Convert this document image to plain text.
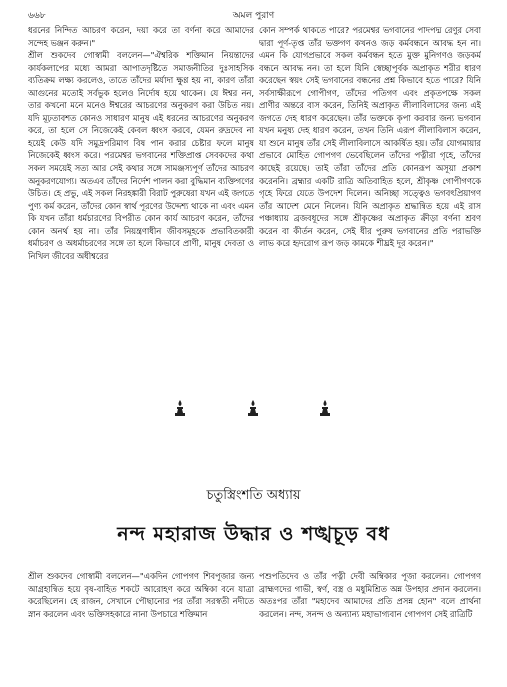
৬৬৮	অমল পুরাণ

ধরনের নিন্দিত আচরণ করেন, দয়া করে তা বর্ণনা করে আমাদের সন্দেহ ভঞ্জন করুন।"

শ্রীল শুকদেব গোস্বামী বললেন—"ঐশ্বরিক শক্তিমান নিয়ন্তাদের কার্যকলাপের মধ্যে আমরা আপাতদৃষ্টিতে সমাজনীতির দুঃসাহসিক ব্যতিক্রম লক্ষ্য করলেও, তাতে তাঁদের মর্যাদা ক্ষুণ্ণ হয় না, কারণ তাঁরা আগুনের মতোই সর্বভুক হলেও নির্দোষ হয়ে থাকেন। যে ঈশ্বর নন, তার কখনো মনে মনেও ঈশ্বরের আচরণের অনুকরণ করা উচিত নয়। যদি মূঢ়তাবশত কোনও সাধারণ মানুষ এই ধরনের আচরণের অনুকরণ করে, তা হলে সে নিজেকেই কেবল ধ্বংস করবে, যেমন রুদ্রদেব না হয়েই কেউ যদি সমুদ্রপরিমাণ বিষ পান করার চেষ্টার ফলে মানুষ নিজেকেই ধ্বংস করে। পরমেশ্বর ভগবানের শক্তিপ্রাপ্ত সেবকদের কথা সকল সময়েই সত্য আর সেই কথার সঙ্গে সামঞ্জস্যপূর্ণ তাঁদের আচরণ অনুকরণযোগ্য। অতএব তাঁদের নির্দেশ পালন করা বুদ্ধিমান ব্যক্তিগণের উচিত। হে প্রভু, এই সকল নিরহঙ্কারী বিরাট পুরুষেরা যখন এই জগতে পুণ্য কর্ম করেন, তাঁদের কোন স্বার্থ পূরণের উদ্দেশ্য থাকে না এবং এমন কি যখন তাঁরা ধর্মচারণের বিপরীত কোন কার্য আচরণ করেন, তাঁদের কোন অনর্থ হয় না। তাঁর নিয়ন্ত্রণাধীন জীবসমূহকে প্রভাবিতকারী ধর্মাচরণ ও অধর্মাচরণের সঙ্গে তা হলে কিভাবে প্রাণী, মানুষ দেবতা ও নিখিল জীবের অধীশ্বরের

কোন সম্পর্ক থাকতে পারে? পরমেশ্বর ভগবানের পাদপদ্ম রেণুর সেবা দ্বারা পূর্ণ-তৃপ্ত তাঁর ভক্তগণ কখনও জড় কর্মবন্ধনে আবদ্ধ হন না। এমন কি যোগপ্রভাবে সকল কর্মবন্ধন হতে মুক্ত মুনিগণও জড়কর্ম বন্ধনে আবদ্ধ নন। তা হলে যিনি স্বেচ্ছাপূর্বক অপ্রাকৃত শরীর ধারণ করেছেন স্বয়ং সেই ভগবানের বন্ধনের প্রশ্ন কিভাবে হতে পারে? যিনি সর্বসাক্ষীরূপে গোপীগণ, তাঁদের পতিগণ এবং প্রকৃতপক্ষে সকল প্রাণীর অন্তরে বাস করেন, তিনিই অপ্রাকৃত লীলাবিলাসের জন্য এই জগতে দেহ ধারণ করেছেন। তাঁর ভক্তকে কৃপা করবার জন্য ভগবান যখন মনুষ্য দেহ ধারণ করেন, তখন তিনি এরূপ লীলাবিলাস করেন, যা শুনে মানুষ তাঁর সেই লীলাবিলাসে আকর্ষিত হয়। তাঁর যোগমায়ার প্রভাবে মোহিত গোপগণ ভেবেছিলেন তাঁদের পত্নীরা গৃহে, তাঁদের কাছেই রয়েছে। তাই তাঁরা তাঁদের প্রতি কোনরূপ অসূয়া প্রকাশ করেননি। ব্রহ্মার একটি রাত্রি অতিবাহিত হলে, শ্রীকৃষ্ণ গোপীগণকে গৃহে ফিরে যেতে উপদেশ দিলেন। অনিচ্ছা সত্ত্বেও ভগবৎপ্রিয়াগণ তাঁর আদেশ মেনে নিলেন। যিনি অপ্রাকৃত শ্রদ্ধান্বিত হয়ে এই রাস পঞ্চাধ্যায় ব্রজবধূদের সঙ্গে শ্রীকৃষ্ণের অপ্রাকৃত ক্রীড়া বর্ণনা শ্রবণ করেন বা কীর্তন করেন, সেই ধীর পুরুষ ভগবানের প্রতি পরাভক্তি লাভ করে হৃদরোগ রূপ জড় কামকে শীঘ্রই দূর করেন।"

চতুস্ত্রিংশতি অধ্যায়
নন্দ মহারাজ উদ্ধার ও শঙ্খচূড় বধ

শ্রীল শুকদেব গোস্বামী বললেন—"একদিন গোপগণ শিবপূজার জন্য আগ্রহান্বিত হয়ে বৃষ-বাহিত শকটে আরোহণ করে অম্বিকা বনে যাত্রা করেছিলেন। হে রাজন, সেখানে পৌছানোর পর তাঁরা সরস্বতী নদীতে স্নান করলেন এবং ভক্তিসহকারে নানা উপচারে শক্তিমান

পশুপতিদেব ও তাঁর পত্নী দেবী অম্বিকার পূজা করলেন। গোপগণ ব্রাহ্মণদের গাভী, স্বর্ণ, বস্ত্র ও মধুমিশ্রিত অন্ন উপহার প্রদান করলেন। অতঃপর তাঁরা "মহাদেব আমাদের প্রতি প্রসন্ন হোন" বলে প্রার্থনা করলেন। নন্দ, সনন্দ ও অন্যান্য মহাভাগ্যবান গোপগণ সেই রাত্রিটি
